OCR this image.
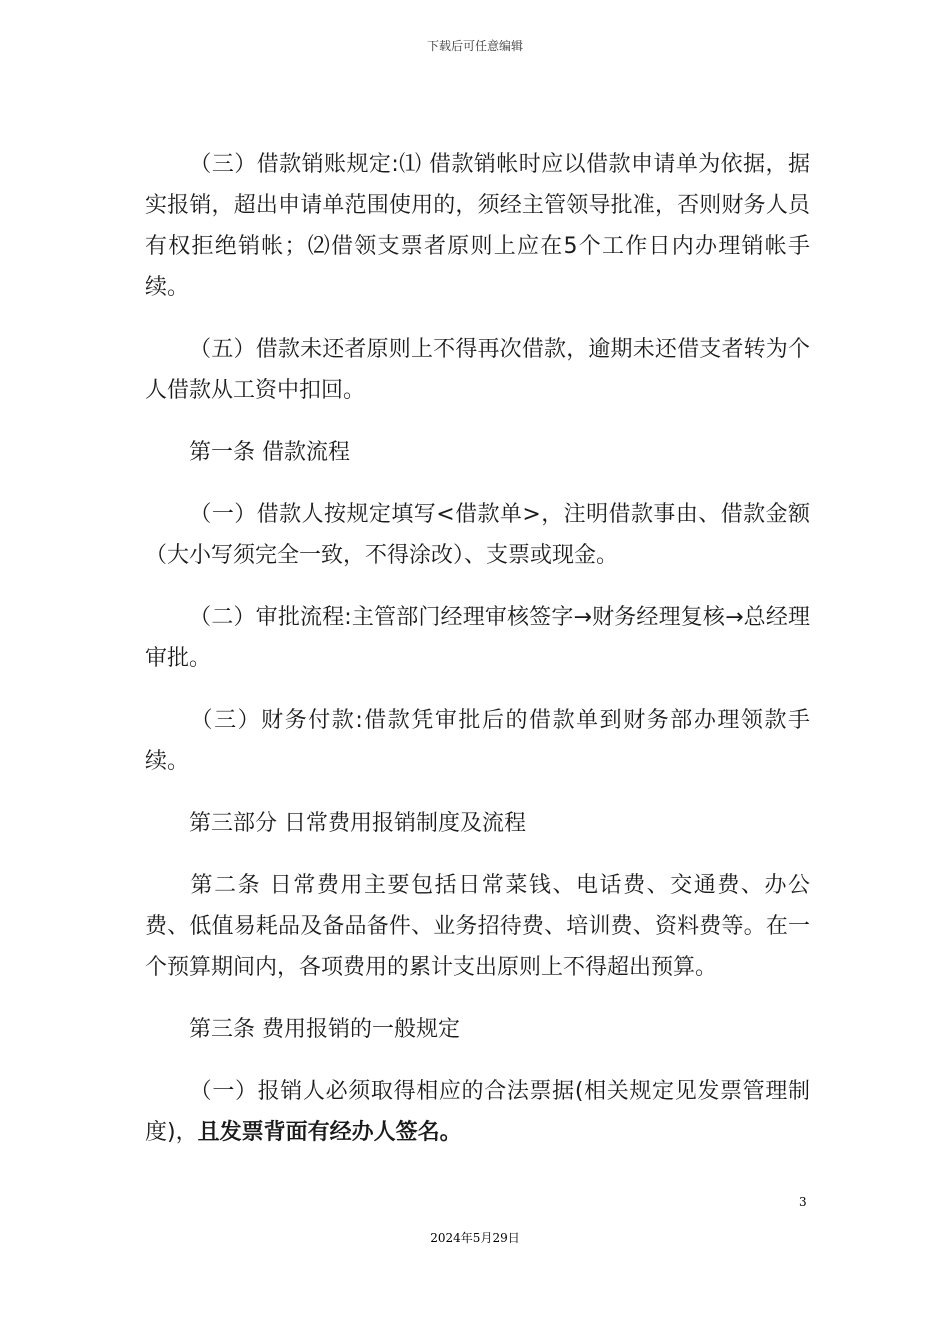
下载后可任意编辑

（三）借款销账规定:⑴ 借款销帐时应以借款申请单为依据，据实报销，超出申请单范围使用的，须经主管领导批准，否则财务人员有权拒绝销帐；⑵借领支票者原则上应在5个工作日内办理销帐手续。

（五）借款未还者原则上不得再次借款，逾期未还借支者转为个人借款从工资中扣回。

第一条 借款流程

（一）借款人按规定填写<借款单>，注明借款事由、借款金额（大小写须完全一致，不得涂改）、支票或现金。

（二）审批流程:主管部门经理审核签字→财务经理复核→总经理审批。

（三）财务付款:借款凭审批后的借款单到财务部办理领款手续。

第三部分 日常费用报销制度及流程

第二条 日常费用主要包括日常菜钱、电话费、交通费、办公费、低值易耗品及备品备件、业务招待费、培训费、资料费等。在一个预算期间内，各项费用的累计支出原则上不得超出预算。

第三条 费用报销的一般规定

（一）报销人必须取得相应的合法票据(相关规定见发票管理制 度)，且发票背面有经办人签名。

3
2024年5月29日
